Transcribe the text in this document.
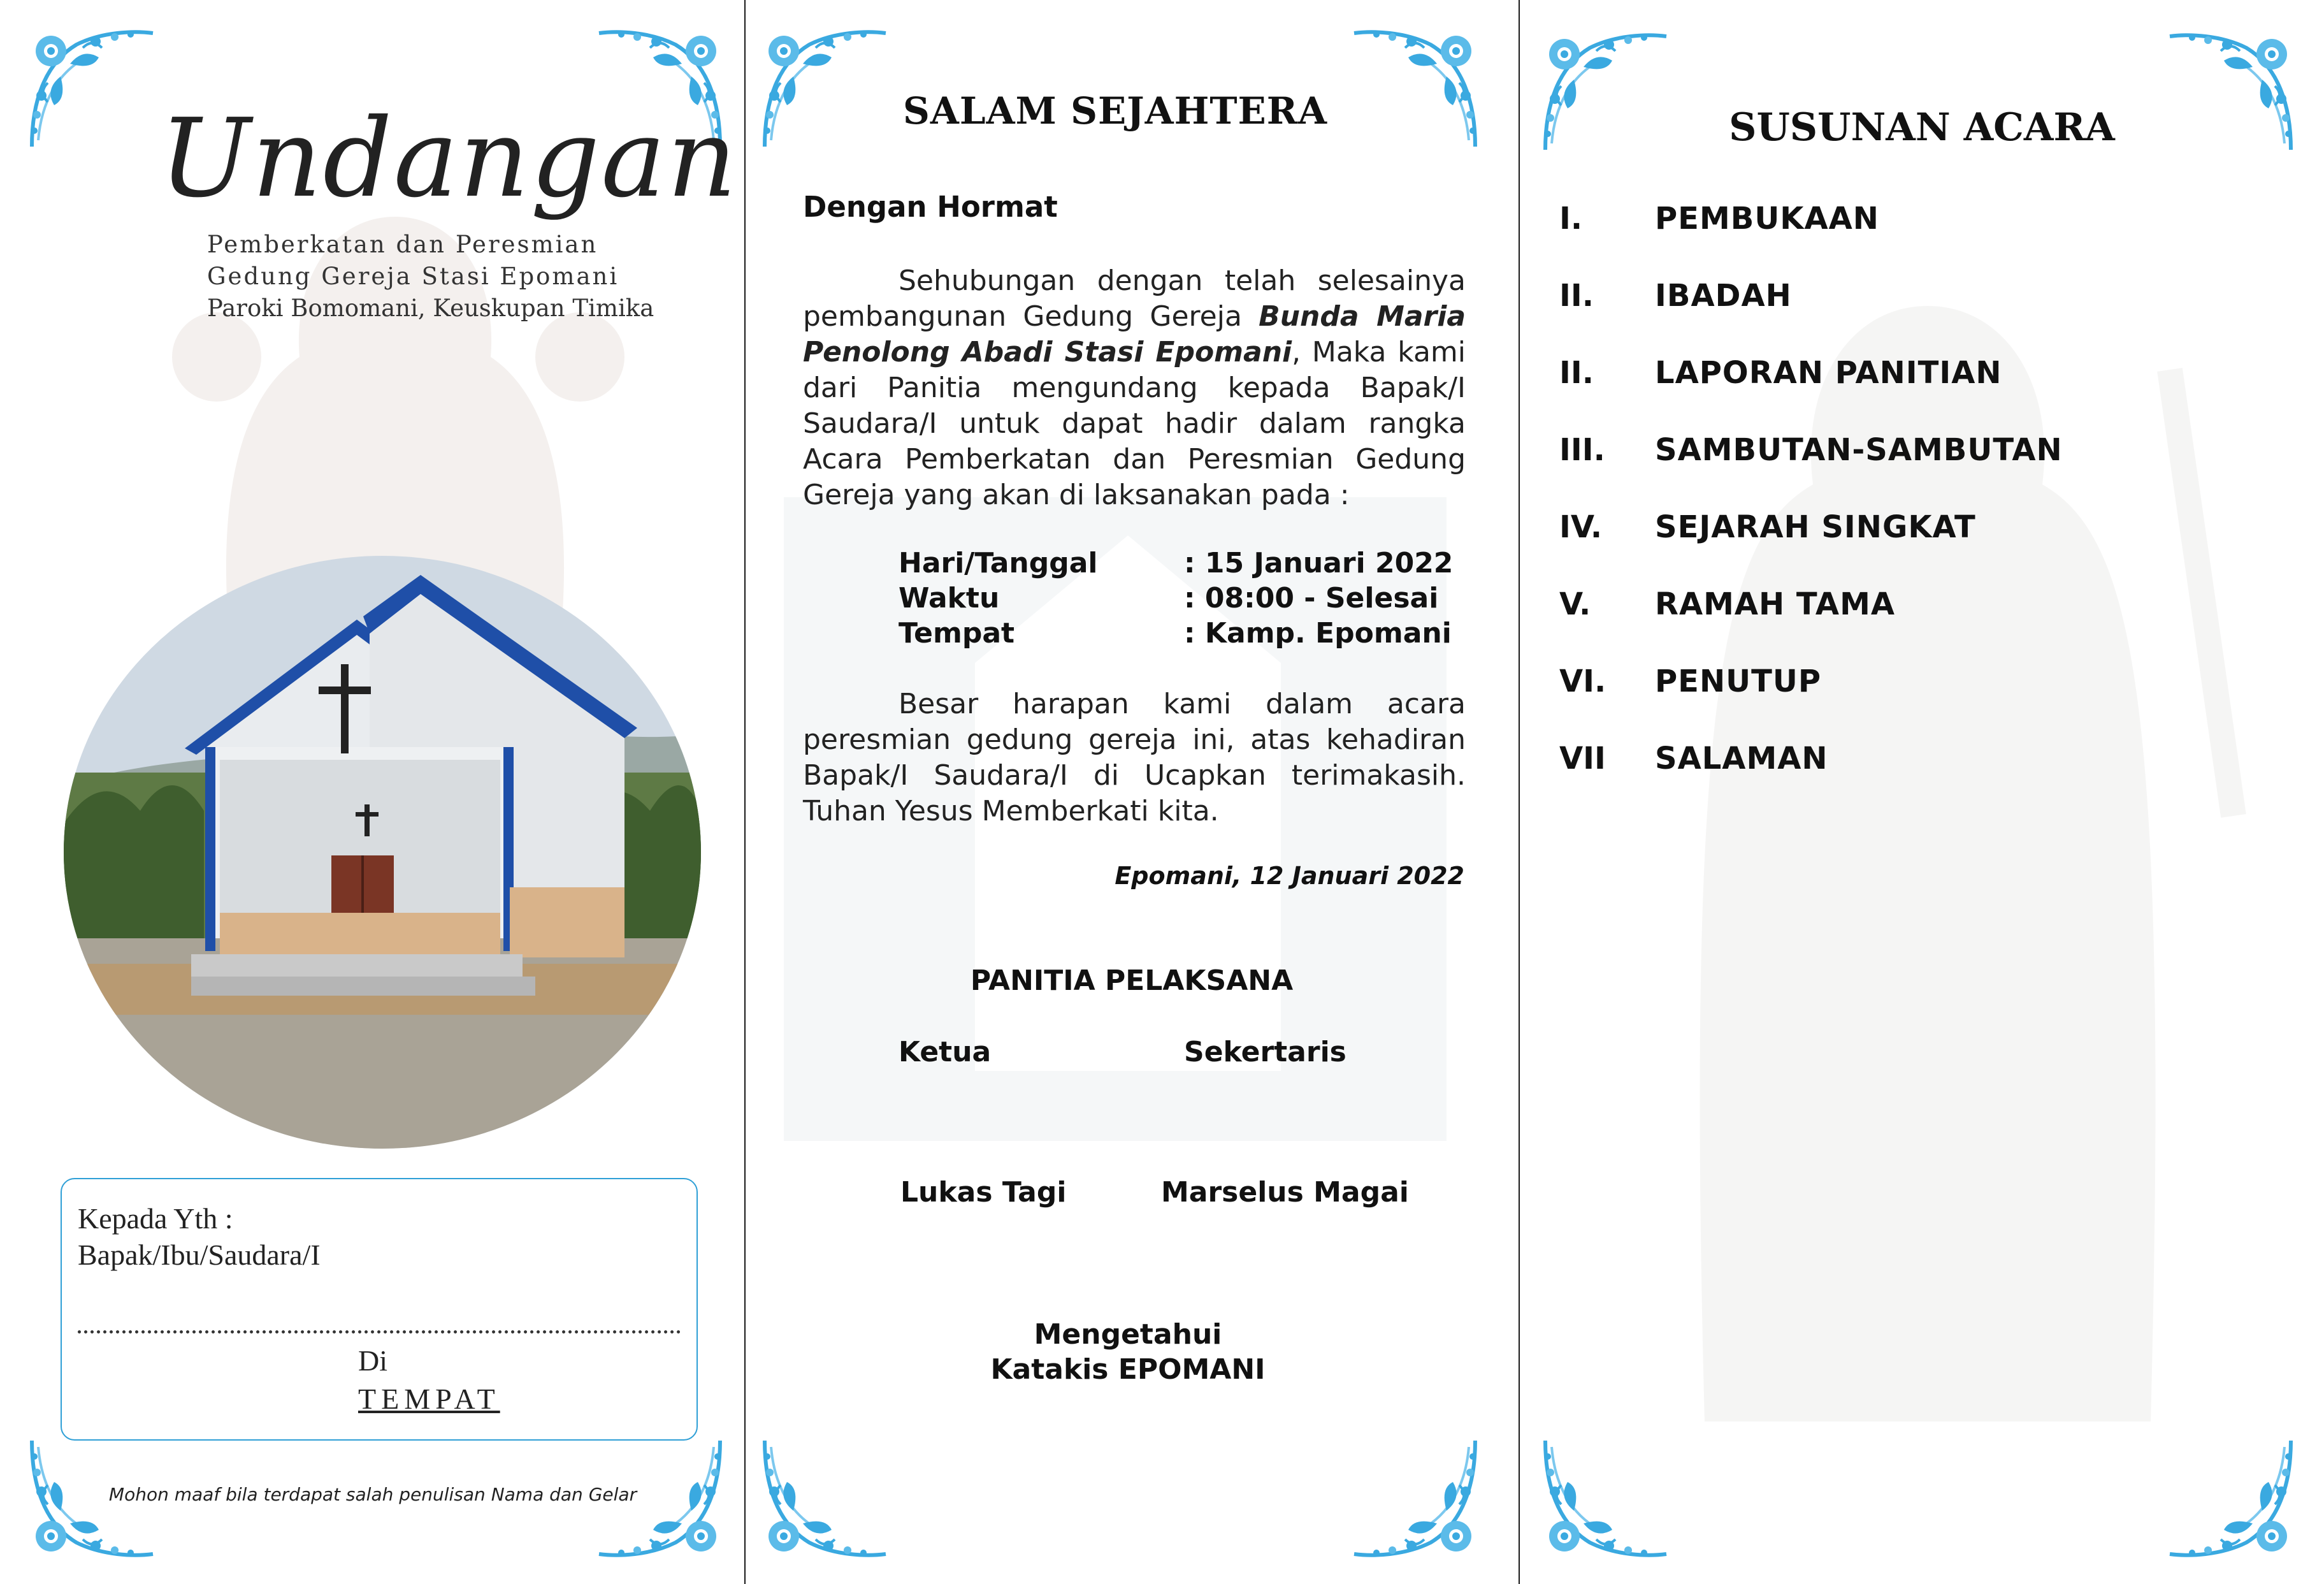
Undangan
Pemberkatan dan Peresmian
Gedung Gereja Stasi Epomani
Paroki Bomomani, Keuskupan Timika
Kepada Yth :
Bapak/Ibu/Saudara/I
Di
TEMPAT
Mohon maaf bila terdapat salah penulisan Nama dan Gelar
SALAM SEJAHTERA
Dengan Hormat
Sehubungan dengan telah selesainya pembangunan Gedung Gereja Bunda Maria Penolong Abadi Stasi Epomani, Maka kami dari Panitia mengundang kepada Bapak/I Saudara/I untuk dapat hadir dalam rangka Acara Pemberkatan dan Peresmian Gedung Gereja yang akan di laksanakan pada :
Hari/Tanggal	: 15 Januari 2022
Waktu	: 08:00 - Selesai
Tempat	: Kamp. Epomani
Besar harapan kami dalam acara peresmian gedung gereja ini, atas kehadiran Bapak/I Saudara/I di Ucapkan terimakasih. Tuhan Yesus Memberkati kita.
Epomani, 12 Januari 2022
PANITIA PELAKSANA
Ketua	Sekertaris
Lukas Tagi	Marselus Magai
Mengetahui
Katakis EPOMANI
SUSUNAN ACARA
I. PEMBUKAAN
II. IBADAH
II. LAPORAN PANITIAN
III. SAMBUTAN-SAMBUTAN
IV. SEJARAH SINGKAT
V. RAMAH TAMA
VI. PENUTUP
VII SALAMAN
